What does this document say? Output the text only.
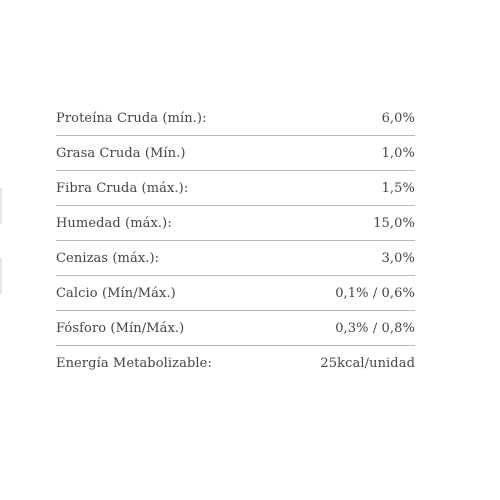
Proteína Cruda (mín.):	6,0%
Grasa Cruda (Mín.)	1,0%
Fibra Cruda (máx.):	1,5%
Humedad (máx.):	15,0%
Cenizas (máx.):	3,0%
Calcio (Mín/Máx.)	0,1% / 0,6%
Fósforo (Mín/Máx.)	0,3% / 0,8%
Energía Metabolizable:	25kcal/unidad
